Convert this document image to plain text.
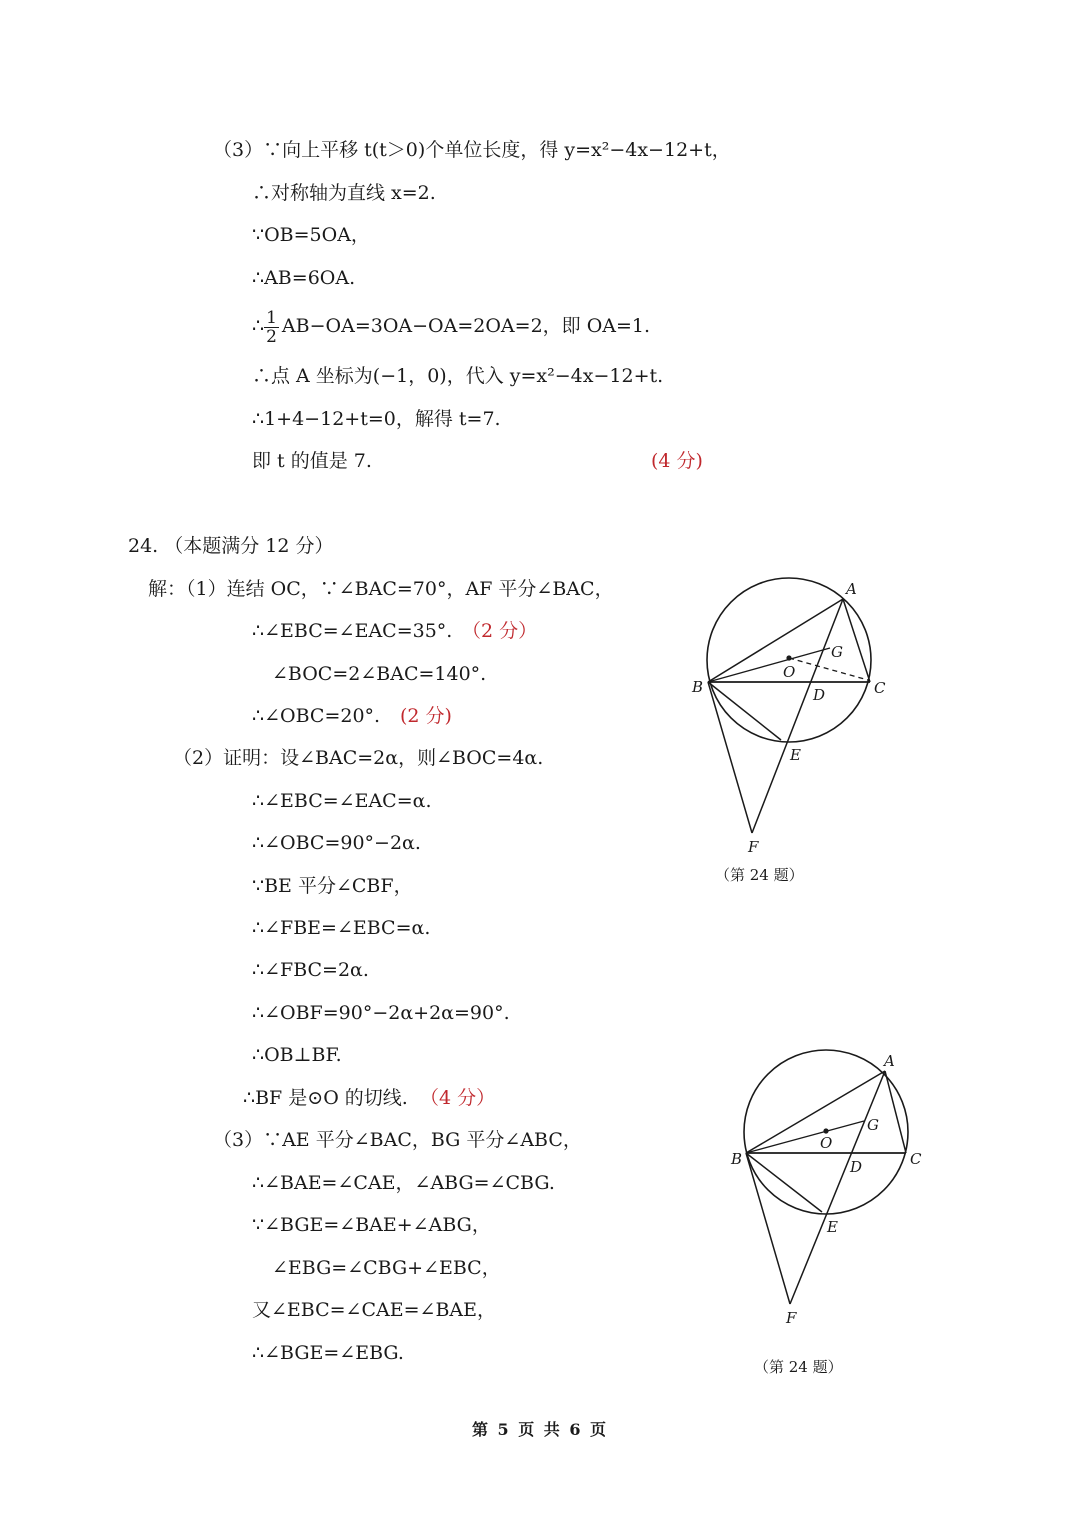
（3）∵向上平移 t(t＞0)个单位长度，得 y=x²−4x−12+t，
∴对称轴为直线 x=2.
∵OB=5OA，
∴AB=6OA.
∴ $\frac{1}{2} AB-OA=3OA-OA=2OA=2$，即 OA=1.
∴点 A 坐标为(−1，0)，代入 y=x²−4x−12+t.
∴1+4−12+t=0，解得 t=7.
即 t 的值是 7.	(4 分)
24. （本题满分 12 分）
解：（1）连结 OC，∵∠BAC=70°，AF 平分∠BAC，
∴∠EBC=∠EAC=35°. （2 分）
∠BOC=2∠BAC=140°.
∴∠OBC=20°. (2 分)
（2）证明：设∠BAC=2α，则∠BOC=4α.
∴∠EBC=∠EAC=α.
∴∠OBC=90°−2α.
∵BE 平分∠CBF，
∴∠FBE=∠EBC=α.
∴∠FBC=2α.
∴∠OBF=90°−2α+2α=90°.
∴OB⊥BF.
∴BF 是⊙O 的切线. （4 分）
（3）∵AE 平分∠BAC，BG 平分∠ABC，
∴∠BAE=∠CAE，∠ABG=∠CBG.
∵∠BGE=∠BAE+∠ABG，
∠EBG=∠CBG+∠EBC，
又∠EBC=∠CAE=∠BAE，
∴∠BGE=∠EBG.
A
B	C
D
E
F
G
O
（第 24 题）
A
B	C
D
E
F
G
O
（第 24 题）
第 5 页 共 6 页
